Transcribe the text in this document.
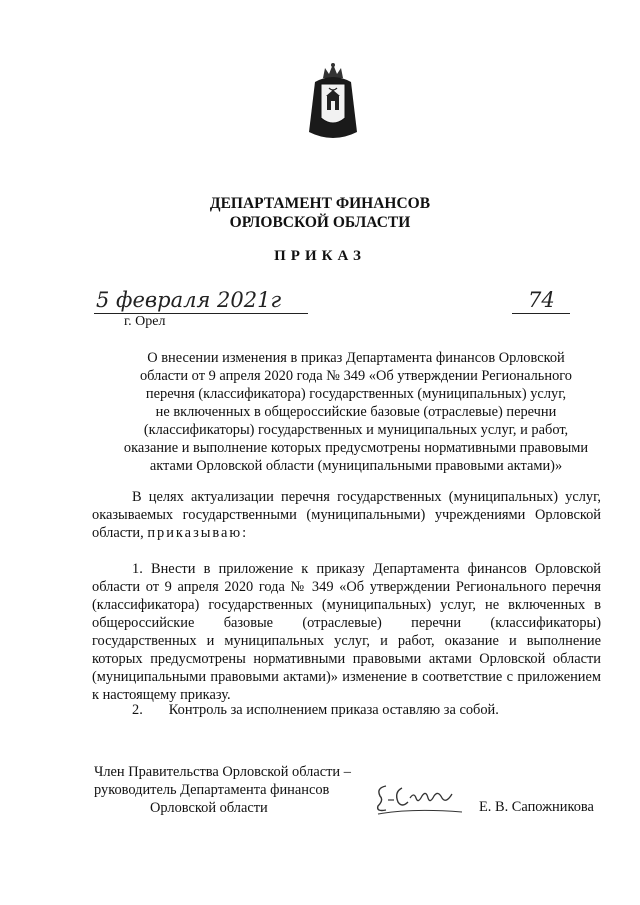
ДЕПАРТАМЕНТ ФИНАНСОВ
ОРЛОВСКОЙ ОБЛАСТИ
ПРИКАЗ
5 февраля 2021г	74
г. Орел
О внесении изменения в приказ Департамента финансов Орловской
области от 9 апреля 2020 года № 349 «Об утверждении Регионального
перечня (классификатора) государственных (муниципальных) услуг,
не включенных в общероссийские базовые (отраслевые) перечни
(классификаторы) государственных и муниципальных услуг, и работ,
оказание и выполнение которых предусмотрены нормативными правовыми
актами Орловской области (муниципальными правовыми актами)»
В целях актуализации перечня государственных (муниципальных) услуг, оказываемых государственными (муниципальными) учреждениями Орловской области, приказываю:
1. Внести в приложение к приказу Департамента финансов Орловской области от 9 апреля 2020 года № 349 «Об утверждении Регионального перечня (классификатора) государственных (муниципальных) услуг, не включенных в общероссийские базовые (отраслевые) перечни (классификаторы) государственных и муниципальных услуг, и работ, оказание и выполнение которых предусмотрены нормативными правовыми актами Орловской области (муниципальными правовыми актами)» изменение в соответствие с приложением к настоящему приказу.
2. Контроль за исполнением приказа оставляю за собой.
Член Правительства Орловской области –
руководитель Департамента финансов
Орловской области	Е. В. Сапожникова
